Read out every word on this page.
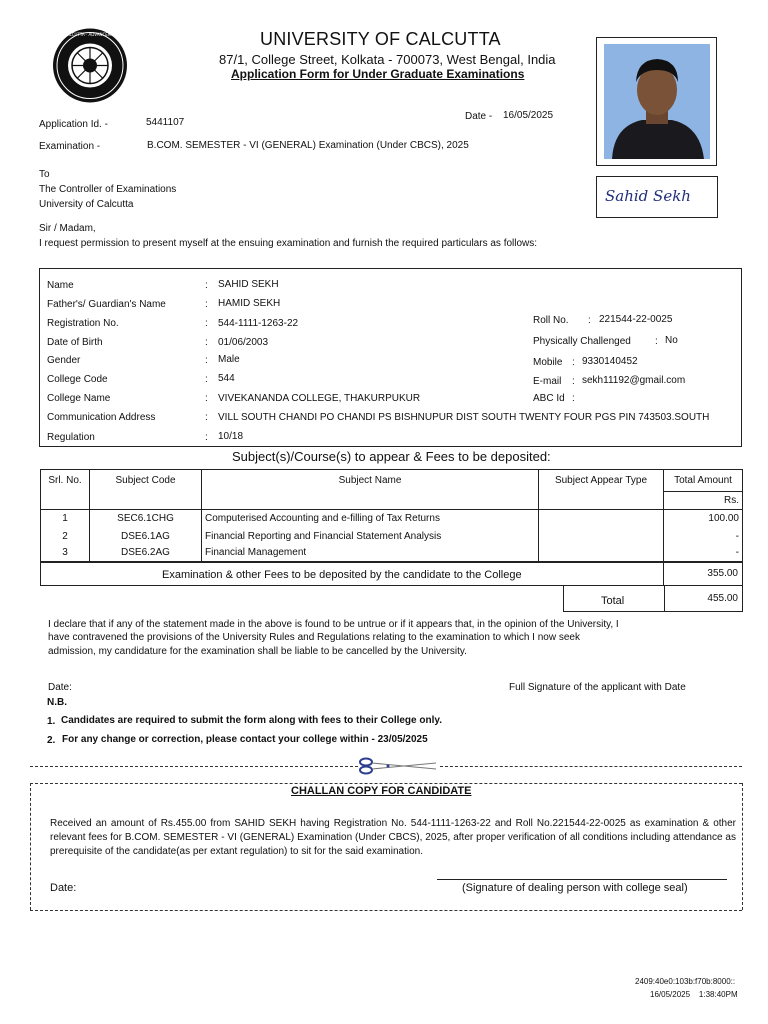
UNIVERSITY OF CALCUTTA · ADVANCEMENT OF LEARNING	UNIVERSITY OF CALCUTTA
87/1, College Street, Kolkata - 700073, West Bengal, India
Application Form for Under Graduate Examinations
Sahid Sekh
Application Id. -	5441107
Date - 16/05/2025
Examination -	B.COM. SEMESTER - VI (GENERAL) Examination (Under CBCS), 2025
To
The Controller of Examinations
University of Calcutta
Sir / Madam,
I request permission to present myself at the ensuing examination and furnish the required particulars as follows:
Name	: SAHID SEKH
Father's/ Guardian's Name	: HAMID SEKH
Registration No.	: 544-1111-1263-22
Date of Birth	: 01/06/2003
Gender	: Male
College Code	: 544
College Name	: VIVEKANANDA COLLEGE, THAKURPUKUR
Communication Address	: VILL SOUTH CHANDI PO CHANDI PS BISHNUPUR DIST SOUTH TWENTY FOUR PGS PIN 743503.SOUTH
Regulation	: 10/18
Roll No. : 221544-22-0025
Physically Challenged : No
Mobile : 9330140452
E-mail : sekh11192@gmail.com
ABC Id :
Subject(s)/Course(s) to appear & Fees to be deposited:
Srl. No.	Subject Code	Subject Name	Subject Appear Type	Total Amount
				Rs.
1	SEC6.1CHG	Computerised Accounting and e-filling of Tax Returns		100.00
2	DSE6.1AG	Financial Reporting and Financial Statement Analysis		-
3	DSE6.2AG	Financial Management		-
Examination & other Fees to be deposited by the candidate to the College	355.00
Total	455.00
I declare that if any of the statement made in the above is found to be untrue or if it appears that, in the opinion of the University, I
have contravened the provisions of the University Rules and Regulations relating to the examination to which I now seek
admission, my candidature for the examination shall be liable to be cancelled by the University.
Date:	Full Signature of the applicant with Date
N.B.
1. Candidates are required to submit the form along with fees to their College only.
2. For any change or correction, please contact your college within - 23/05/2025
CHALLAN COPY FOR CANDIDATE
Received an amount of Rs.455.00 from SAHID SEKH having Registration No. 544-1111-1263-22 and Roll No.221544-22-0025 as examination & other relevant fees for B.COM. SEMESTER - VI (GENERAL) Examination (Under CBCS), 2025, after proper verification of all conditions including attendance as prerequisite of the candidate(as per extant regulation) to sit for the said examination.
Date:	(Signature of dealing person with college seal)
2409:40e0:103b:f70b:8000::
16/05/2025    1:38:40PM
